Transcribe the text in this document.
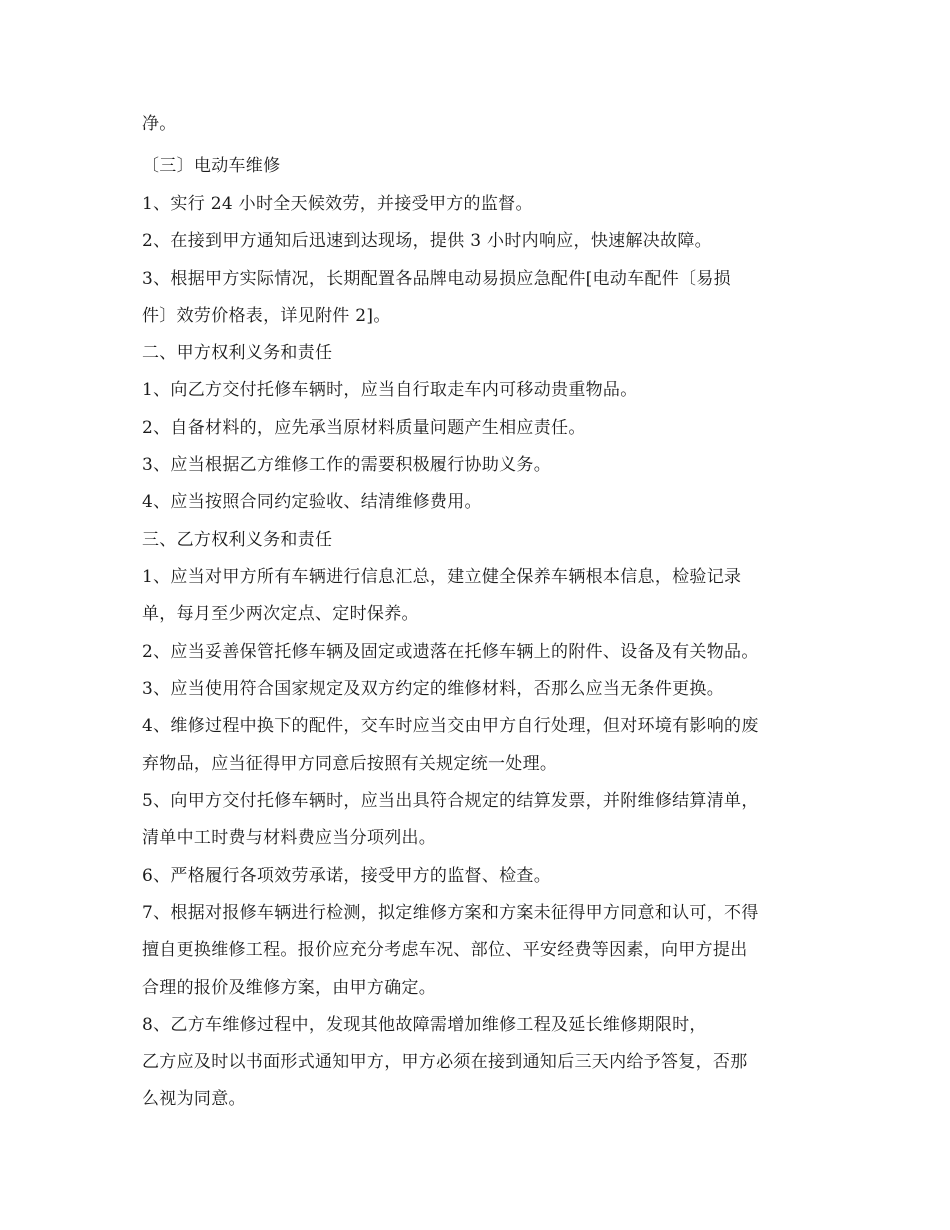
净。
〔三〕电动车维修
1、实行 24 小时全天候效劳，并接受甲方的监督。
2、在接到甲方通知后迅速到达现场，提供 3 小时内响应，快速解决故障。
3、根据甲方实际情况，长期配置各品牌电动易损应急配件[电动车配件〔易损
件〕效劳价格表，详见附件 2]。
二、甲方权利义务和责任
1、向乙方交付托修车辆时，应当自行取走车内可移动贵重物品。
2、自备材料的，应先承当原材料质量问题产生相应责任。
3、应当根据乙方维修工作的需要积极履行协助义务。
4、应当按照合同约定验收、结清维修费用。
三、乙方权利义务和责任
1、应当对甲方所有车辆进行信息汇总，建立健全保养车辆根本信息，检验记录
单，每月至少两次定点、定时保养。
2、应当妥善保管托修车辆及固定或遗落在托修车辆上的附件、设备及有关物品。
3、应当使用符合国家规定及双方约定的维修材料，否那么应当无条件更换。
4、维修过程中换下的配件，交车时应当交由甲方自行处理，但对环境有影响的废
弃物品，应当征得甲方同意后按照有关规定统一处理。
5、向甲方交付托修车辆时，应当出具符合规定的结算发票，并附维修结算清单，
清单中工时费与材料费应当分项列出。
6、严格履行各项效劳承诺，接受甲方的监督、检查。
7、根据对报修车辆进行检测，拟定维修方案和方案未征得甲方同意和认可，不得
擅自更换维修工程。报价应充分考虑车况、部位、平安经费等因素，向甲方提出
合理的报价及维修方案，由甲方确定。
8、乙方车维修过程中，发现其他故障需增加维修工程及延长维修期限时，
乙方应及时以书面形式通知甲方，甲方必须在接到通知后三天内给予答复，否那
么视为同意。
